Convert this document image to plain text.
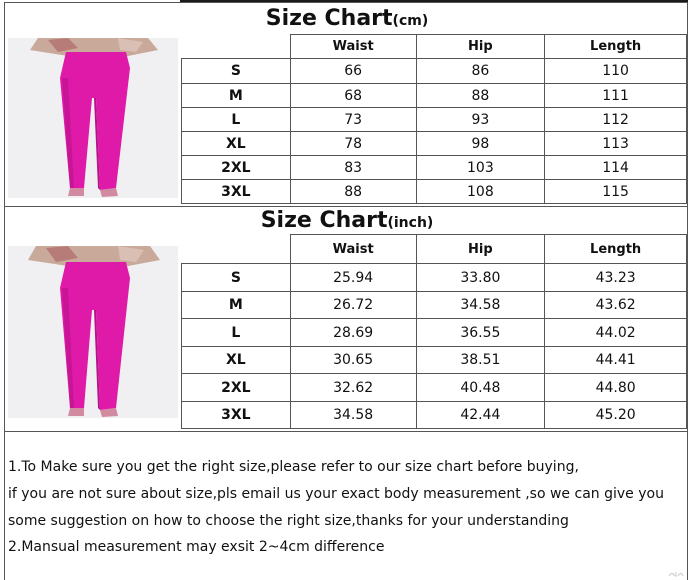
Size Chart(cm)
	Waist	Hip	Length
S	66	86	110
M	68	88	111
L	73	93	112
XL	78	98	113
2XL	83	103	114
3XL	88	108	115
Size Chart(inch)
	Waist	Hip	Length
S	25.94	33.80	43.23
M	26.72	34.58	43.62
L	28.69	36.55	44.02
XL	30.65	38.51	44.41
2XL	32.62	40.48	44.80
3XL	34.58	42.44	45.20
1.To Make sure you get the right size,please refer to our size chart before buying,
if you are not sure about size,pls email us your exact body measurement ,so we can give you
some suggestion on how to choose the right size,thanks for your understanding
2.Mansual measurement may exsit 2~4cm difference
